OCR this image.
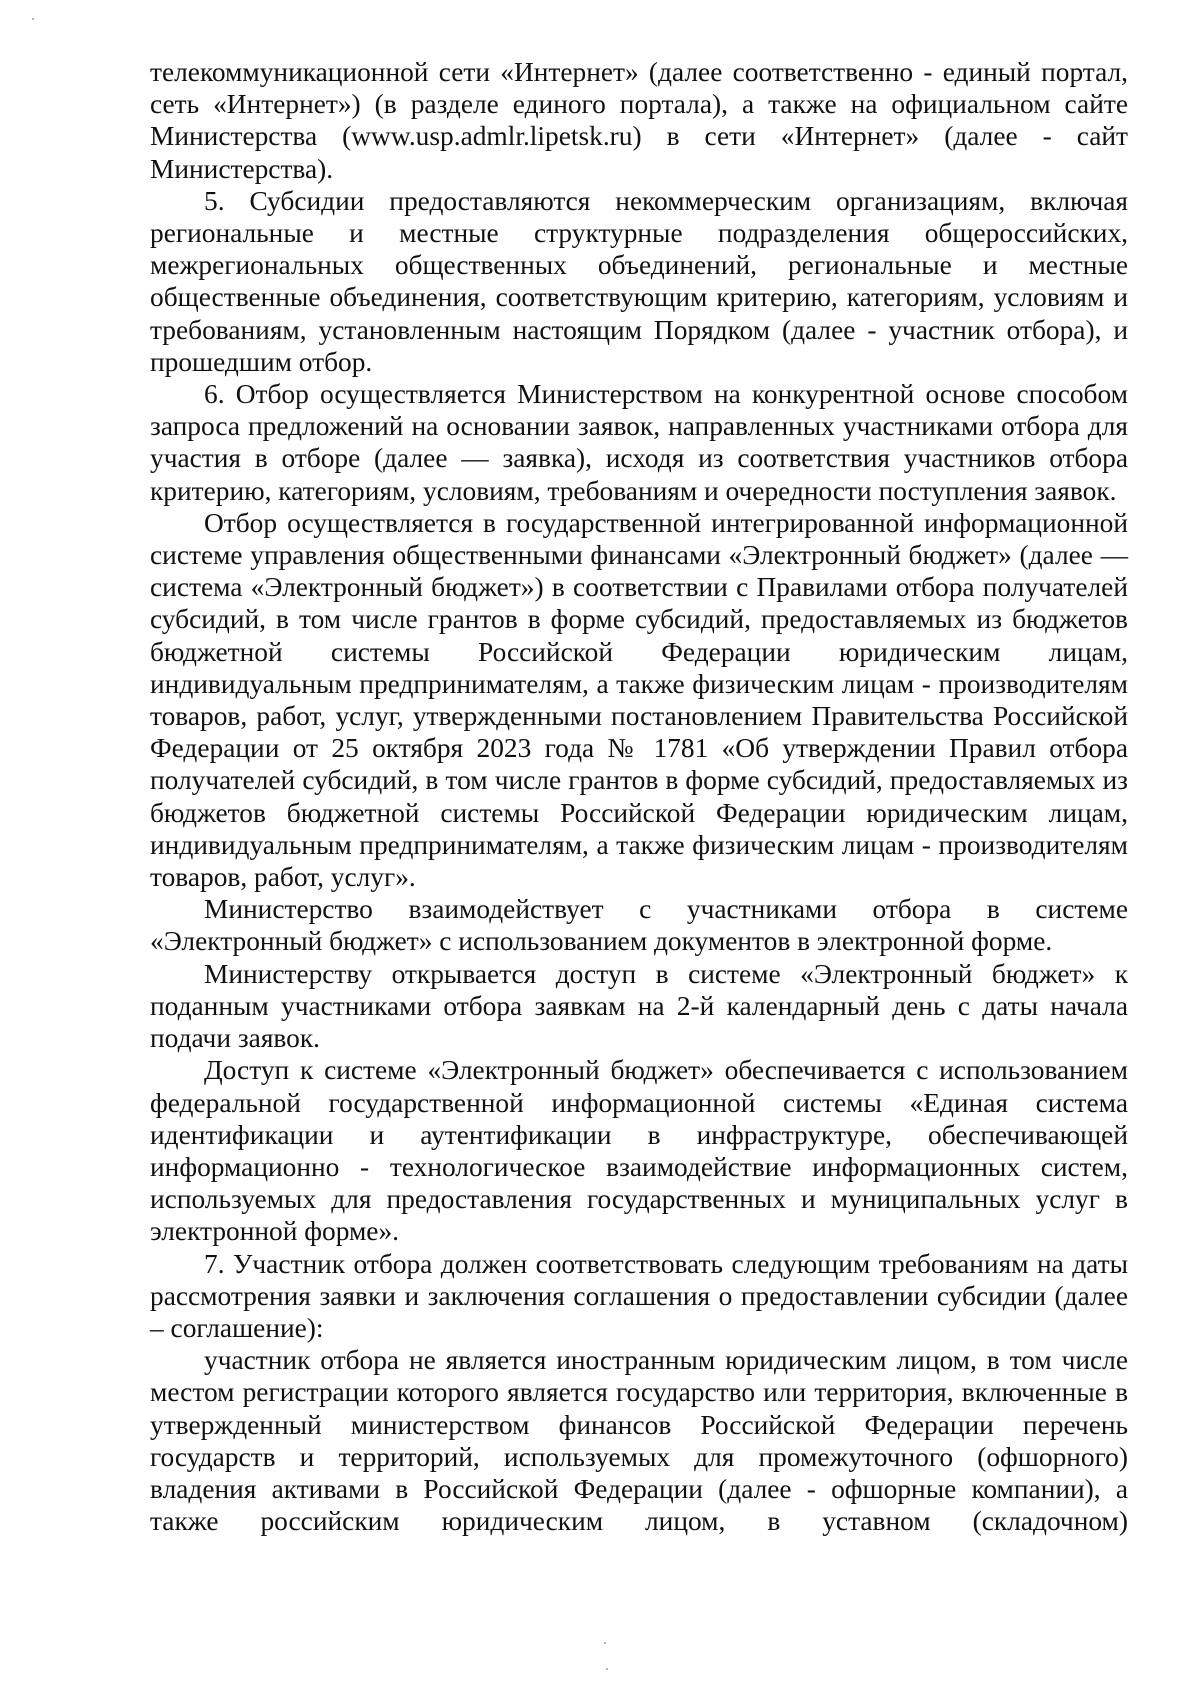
телекоммуникационной сети «Интернет» (далее соответственно - единый портал, сеть «Интернет») (в разделе единого портала), а также на официальном сайте Министерства (www.usp.admlr.lipetsk.ru) в сети «Интернет» (далее - сайт Министерства).

5. Субсидии предоставляются некоммерческим организациям, включая региональные и местные структурные подразделения общероссийских, межрегиональных общественных объединений, региональные и местные общественные объединения, соответствующим критерию, категориям, условиям и требованиям, установленным настоящим Порядком (далее - участник отбора), и прошедшим отбор.

6. Отбор осуществляется Министерством на конкурентной основе способом запроса предложений на основании заявок, направленных участниками отбора для участия в отборе (далее — заявка), исходя из соответствия участников отбора критерию, категориям, условиям, требованиям и очередности поступления заявок.

Отбор осуществляется в государственной интегрированной информационной системе управления общественными финансами «Электронный бюджет» (далее — система «Электронный бюджет») в соответствии с Правилами отбора получателей субсидий, в том числе грантов в форме субсидий, предоставляемых из бюджетов бюджетной системы Российской Федерации юридическим лицам, индивидуальным предпринимателям, а также физическим лицам - производителям товаров, работ, услуг, утвержденными постановлением Правительства Российской Федерации от 25 октября 2023 года № 1781 «Об утверждении Правил отбора получателей субсидий, в том числе грантов в форме субсидий, предоставляемых из бюджетов бюджетной системы Российской Федерации юридическим лицам, индивидуальным предпринимателям, а также физическим лицам - производителям товаров, работ, услуг».

Министерство взаимодействует с участниками отбора в системе «Электронный бюджет» с использованием документов в электронной форме.

Министерству открывается доступ в системе «Электронный бюджет» к поданным участниками отбора заявкам на 2-й календарный день с даты начала подачи заявок.

Доступ к системе «Электронный бюджет» обеспечивается с использованием федеральной государственной информационной системы «Единая система идентификации и аутентификации в инфраструктуре, обеспечивающей информационно - технологическое взаимодействие информационных систем, используемых для предоставления государственных и муниципальных услуг в электронной форме».

7. Участник отбора должен соответствовать следующим требованиям на даты рассмотрения заявки и заключения соглашения о предоставлении субсидии (далее – соглашение):

участник отбора не является иностранным юридическим лицом, в том числе местом регистрации которого является государство или территория, включенные в утвержденный министерством финансов Российской Федерации перечень государств и территорий, используемых для промежуточного (офшорного) владения активами в Российской Федерации (далее - офшорные компании), а также российским юридическим лицом, в уставном (складочном)
